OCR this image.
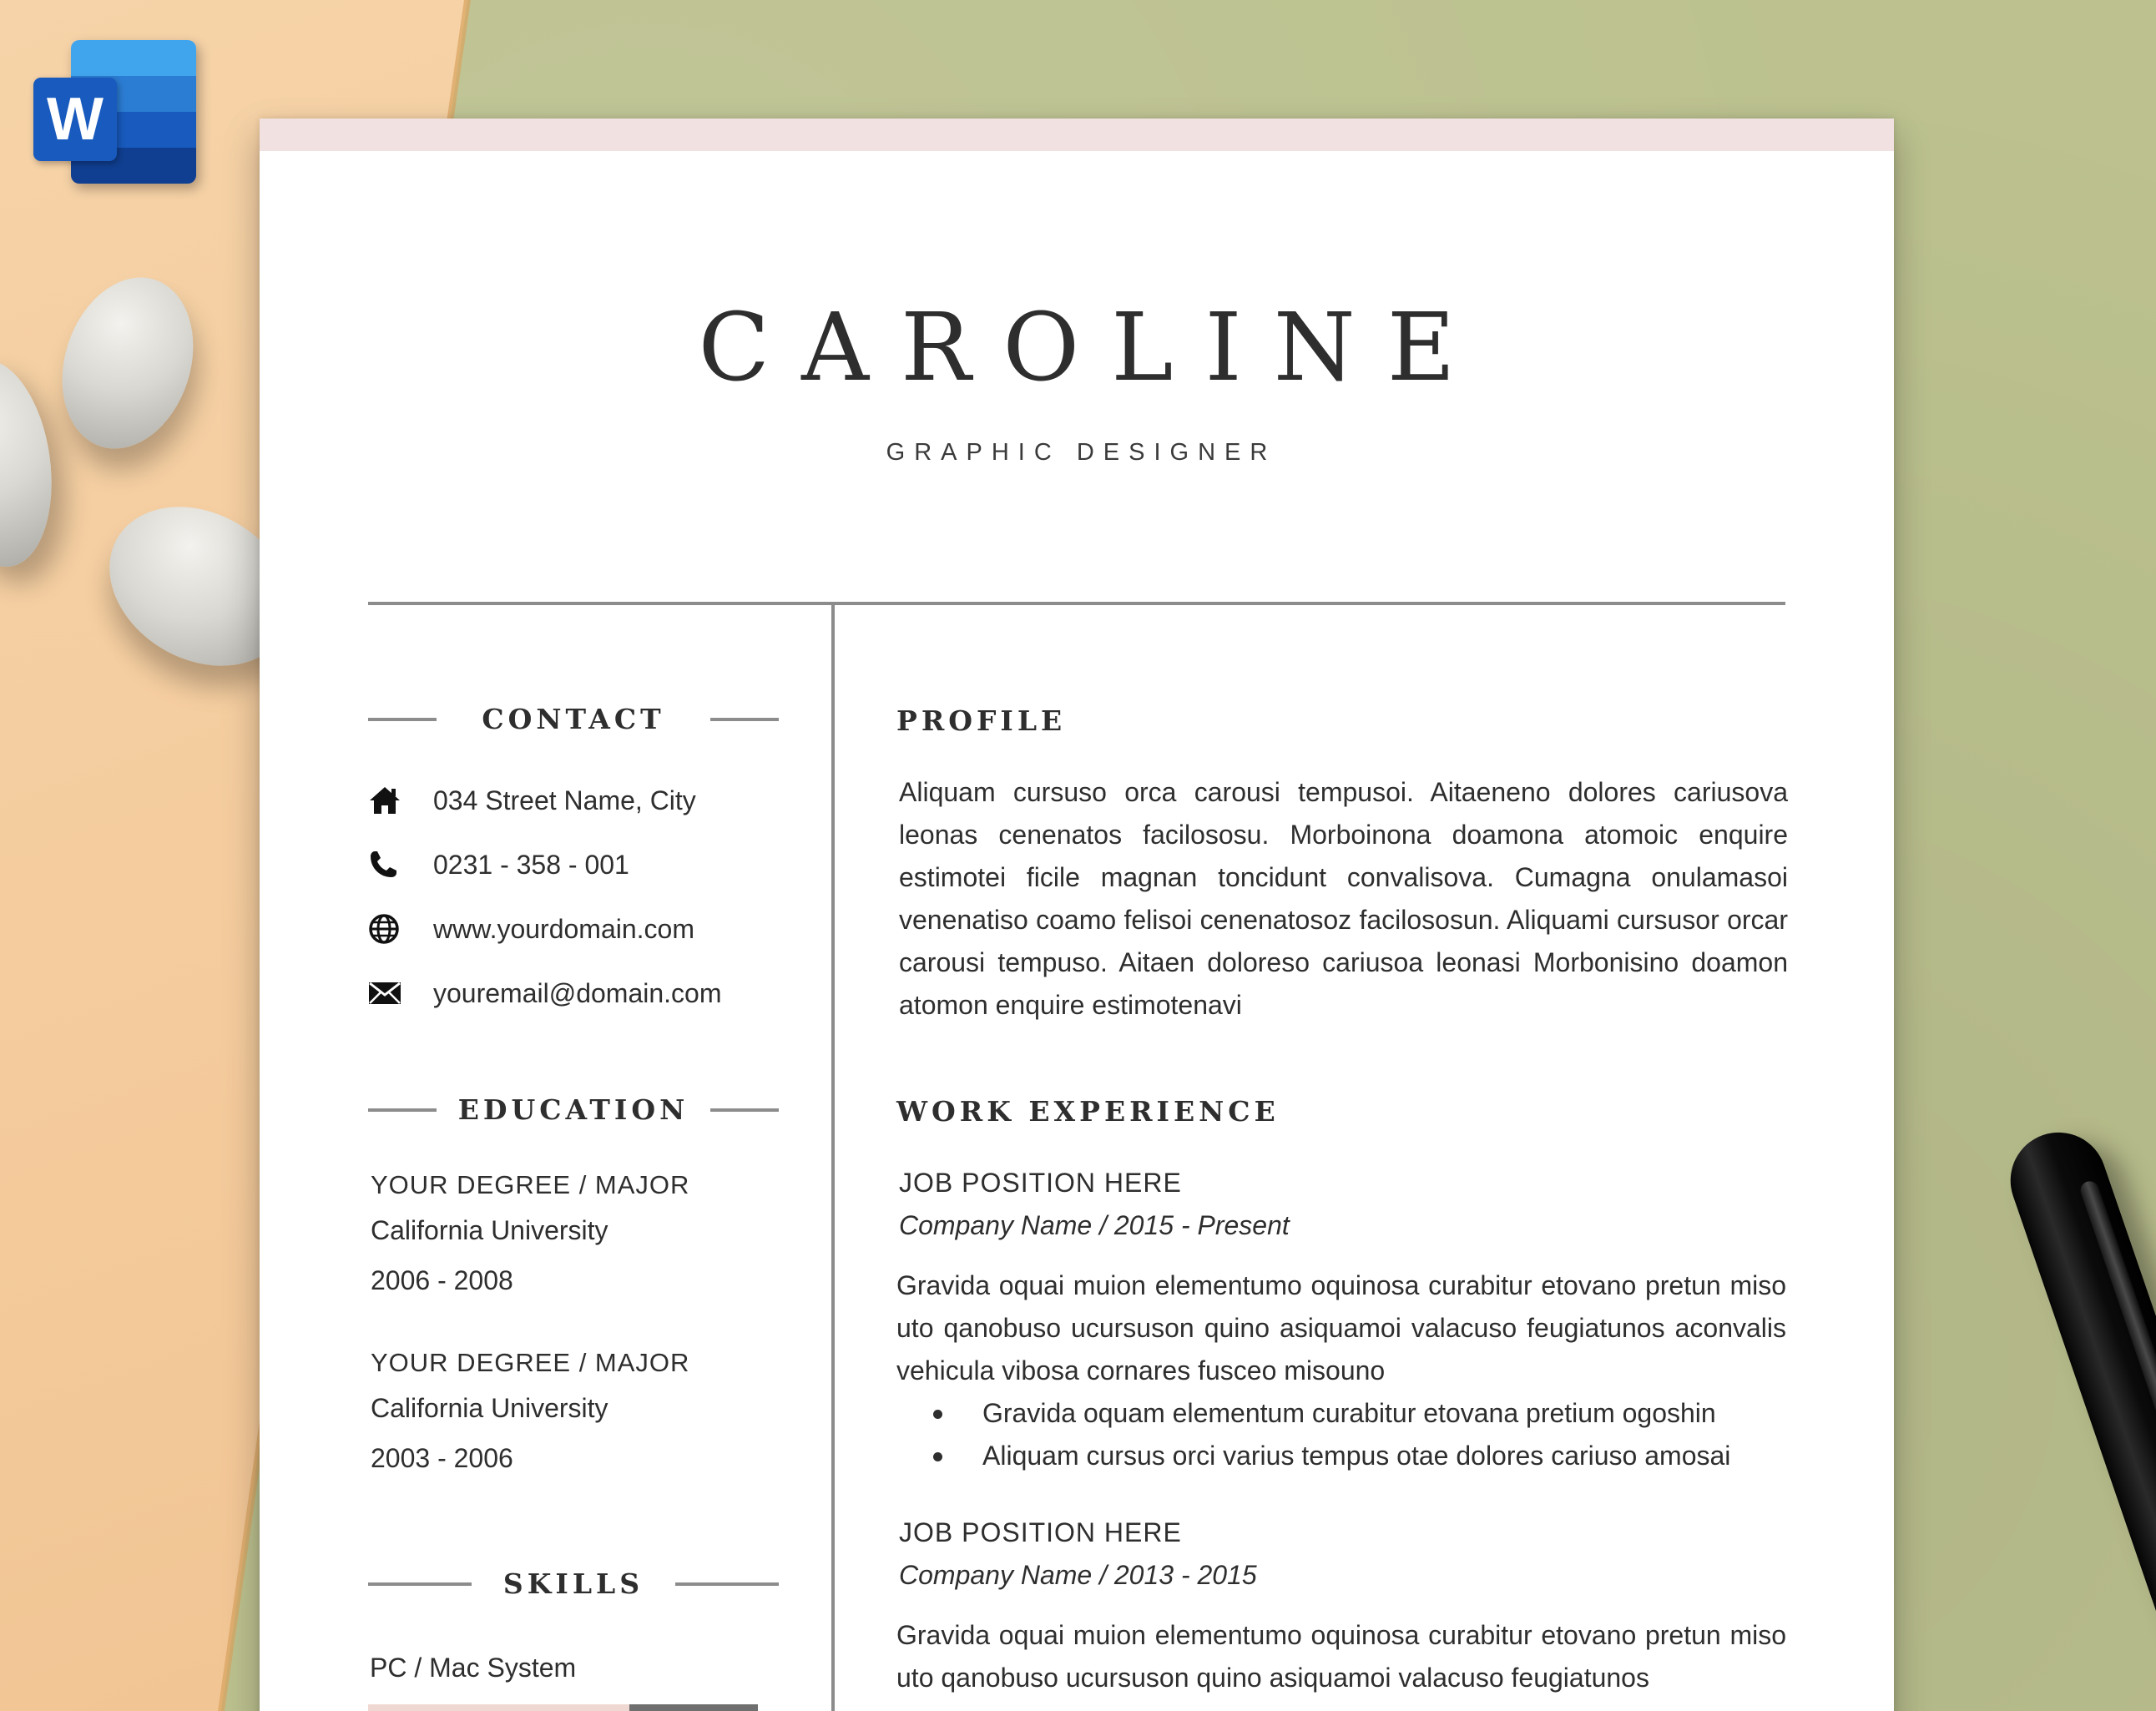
W
CAROLINE
GRAPHIC DESIGNER
CONTACT
034 Street Name, City
0231 - 358 - 001
www.yourdomain.com
youremail@domain.com
EDUCATION
YOUR DEGREE / MAJOR
California University
2006 - 2008
YOUR DEGREE / MAJOR
California University
2003 - 2006
SKILLS
PC / Mac System
PROFILE
Aliquam cursuso orca carousi tempusoi. Aitaeneno dolores cariusova leonas cenenatos facilososu. Morboinona doamona atomoic enquire estimotei ficile magnan toncidunt convalisova. Cumagna onulamasoi venenatiso coamo felisoi cenenatosoz facilososun. Aliquami cursusor orcar carousi tempuso. Aitaen doloreso cariusoa leonasi Morbonisino doamon atomon enquire estimotenavi
WORK EXPERIENCE
JOB POSITION HERE
Company Name / 2015 - Present
Gravida oquai muion elementumo oquinosa curabitur etovano pretun miso uto qanobuso ucursuson quino asiquamoi valacuso feugiatunos aconvalis vehicula vibosa cornares fusceo misouno
Gravida oquam elementum curabitur etovana pretium ogoshin
Aliquam cursus orci varius tempus otae dolores cariuso amosai
JOB POSITION HERE
Company Name / 2013 - 2015
Gravida oquai muion elementumo oquinosa curabitur etovano pretun miso uto qanobuso ucursuson quino asiquamoi valacuso feugiatunos
